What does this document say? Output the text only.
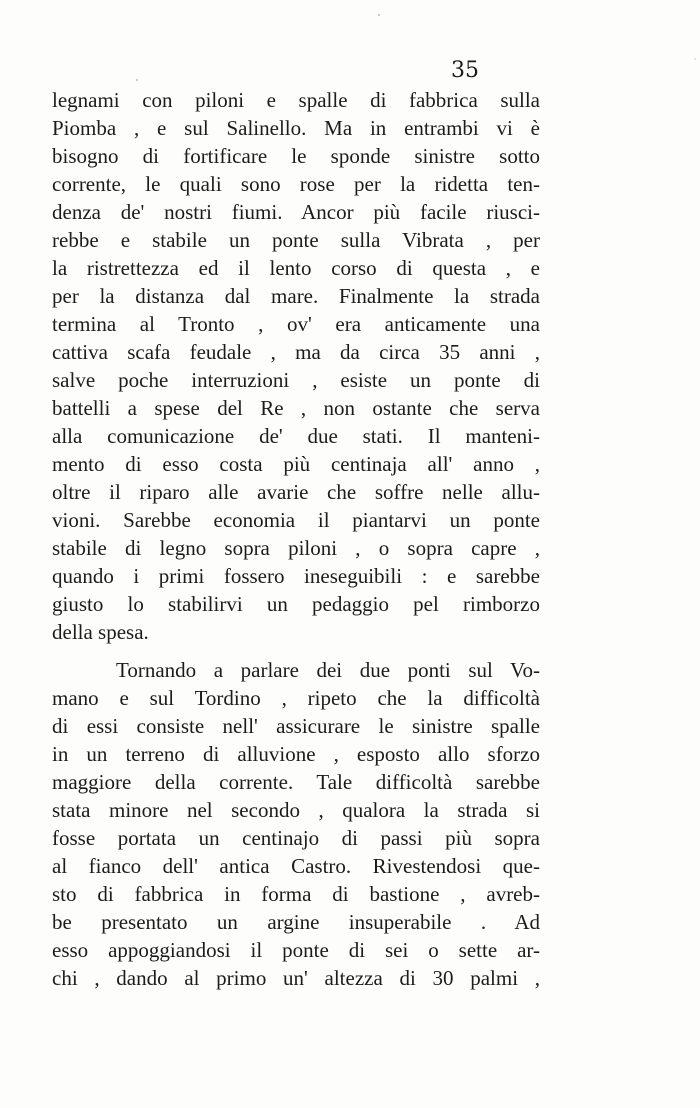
35
legnami con piloni e spalle di fabbrica sulla
Piomba , e sul Salinello. Ma in entrambi vi è
bisogno di fortificare le sponde sinistre sotto
corrente, le quali sono rose per la ridetta ten-
denza de' nostri fiumi. Ancor più facile riusci-
rebbe e stabile un ponte sulla Vibrata , per
la ristrettezza ed il lento corso di questa , e
per la distanza dal mare. Finalmente la strada
termina al Tronto , ov' era anticamente una
cattiva scafa feudale , ma da circa 35 anni ,
salve poche interruzioni , esiste un ponte di
battelli a spese del Re , non ostante che serva
alla comunicazione de' due stati. Il manteni-
mento di esso costa più centinaja all' anno ,
oltre il riparo alle avarie che soffre nelle allu-
vioni. Sarebbe economia il piantarvi un ponte
stabile di legno sopra piloni , o sopra capre ,
quando i primi fossero ineseguibili : e sarebbe
giusto lo stabilirvi un pedaggio pel rimborzo
della spesa.
Tornando a parlare dei due ponti sul Vo-
mano e sul Tordino , ripeto che la difficoltà
di essi consiste nell' assicurare le sinistre spalle
in un terreno di alluvione , esposto allo sforzo
maggiore della corrente. Tale difficoltà sarebbe
stata minore nel secondo , qualora la strada si
fosse portata un centinajo di passi più sopra
al fianco dell' antica Castro. Rivestendosi que-
sto di fabbrica in forma di bastione , avreb-
be presentato un argine insuperabile . Ad
esso appoggiandosi il ponte di sei o sette ar-
chi , dando al primo un' altezza di 30 palmi ,
